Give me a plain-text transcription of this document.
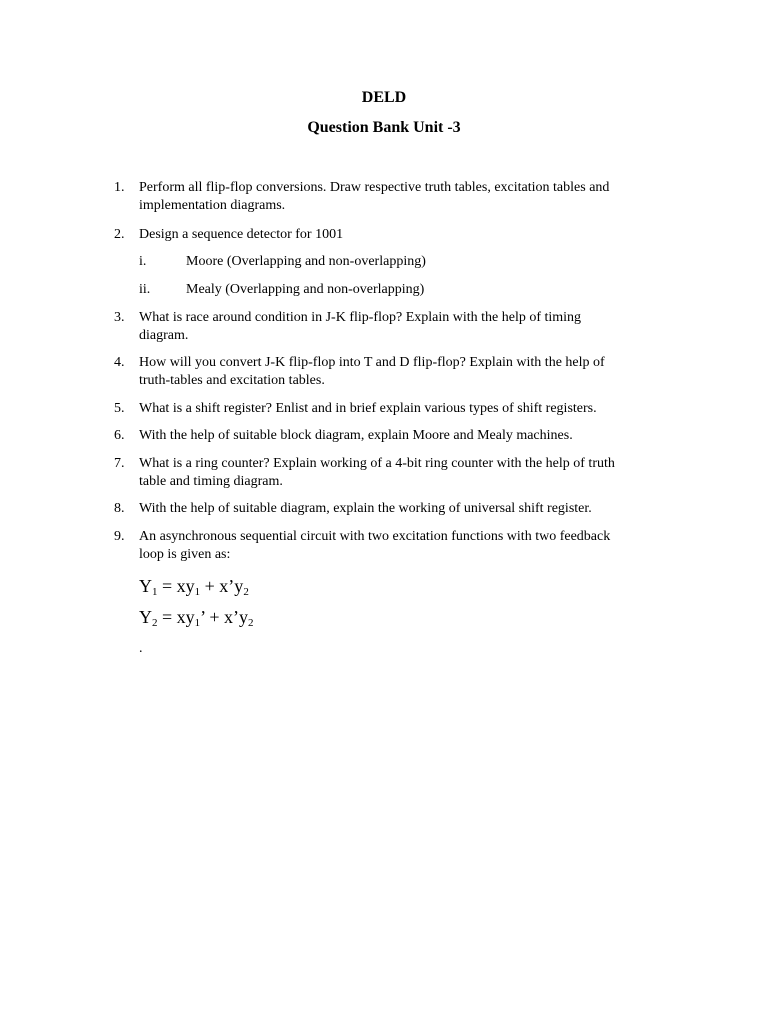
DELD
Question Bank Unit -3
1.	Perform all flip-flop conversions. Draw respective truth tables, excitation tables and
implementation diagrams.
2.	Design a sequence detector for 1001
i.	Moore (Overlapping and non-overlapping)
ii.	Mealy (Overlapping and non-overlapping)
3.	What is race around condition in J-K flip-flop? Explain with the help of timing
diagram.
4.	How will you convert J-K flip-flop into T and D flip-flop? Explain with the help of
truth-tables and excitation tables.
5.	What is a shift register? Enlist and in brief explain various types of shift registers.
6.	With the help of suitable block diagram, explain Moore and Mealy machines.
7.	What is a ring counter? Explain working of a 4-bit ring counter with the help of truth
table and timing diagram.
8.	With the help of suitable diagram, explain the working of universal shift register.
9.	An asynchronous sequential circuit with two excitation functions with two feedback
loop is given as:
$Y_1 = xy_1$ + $x’y_2$
$Y_2 = xy_1$’ + $x’y_2$
.
